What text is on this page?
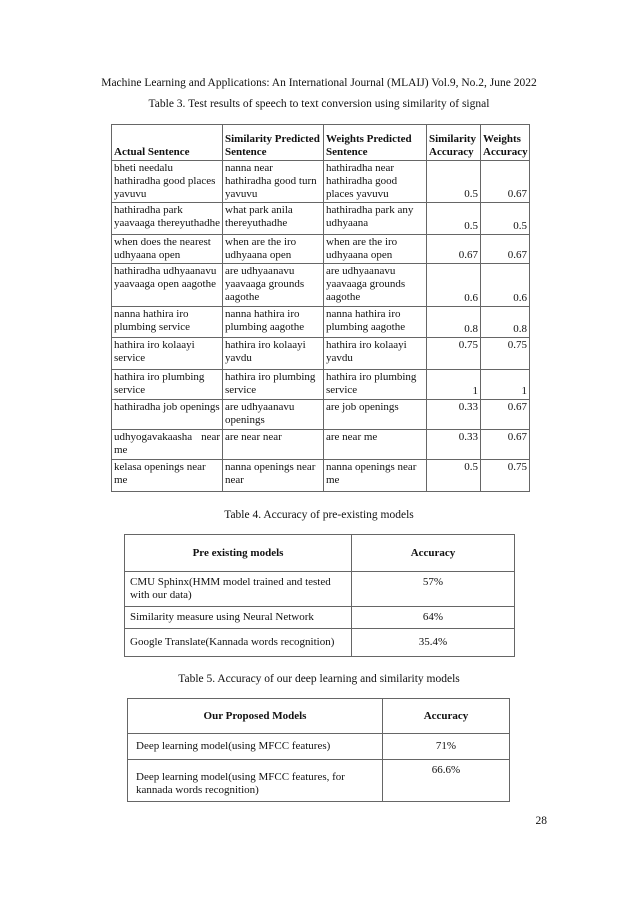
Machine Learning and Applications: An International Journal (MLAIJ) Vol.9, No.2, June 2022
Table 3. Test results of speech to text conversion using similarity of signal
Actual Sentence	Similarity Predicted Sentence	Weights Predicted Sentence	Similarity Accuracy	Weights Accuracy
bheti needalu hathiradha good places yavuvu	nanna near hathiradha good turn yavuvu	hathiradha near hathiradha good places yavuvu	0.5	0.67
hathiradha park yaavaaga thereyuthadhe	what park anila thereyuthadhe	hathiradha park any udhyaana	0.5	0.5
when does the nearest udhyaana open	when are the iro udhyaana open	when are the iro udhyaana open	0.67	0.67
hathiradha udhyaanavu yaavaaga open aagothe	are udhyaanavu yaavaaga grounds aagothe	are udhyaanavu yaavaaga grounds aagothe	0.6	0.6
nanna hathira iro plumbing service	nanna hathira iro plumbing aagothe	nanna hathira iro plumbing aagothe	0.8	0.8
hathira iro kolaayi service	hathira iro kolaayi yavdu	hathira iro kolaayi yavdu	0.75	0.75
hathira iro plumbing service	hathira iro plumbing service	hathira iro plumbing service	1	1
hathiradha job openings	are udhyaanavu openings	are job openings	0.33	0.67
udhyogavakaasha near me	are near near	are near me	0.33	0.67
kelasa openings near me	nanna openings near near	nanna openings near me	0.5	0.75
Table 4. Accuracy of pre-existing models
Pre existing models	Accuracy
CMU Sphinx(HMM model trained and tested with our data)	57%
Similarity measure using Neural Network	64%
Google Translate(Kannada words recognition)	35.4%
Table 5. Accuracy of our deep learning and similarity models
Our Proposed Models	Accuracy
Deep learning model(using MFCC features)	71%
Deep learning model(using MFCC features, for kannada words recognition)	66.6%
28
